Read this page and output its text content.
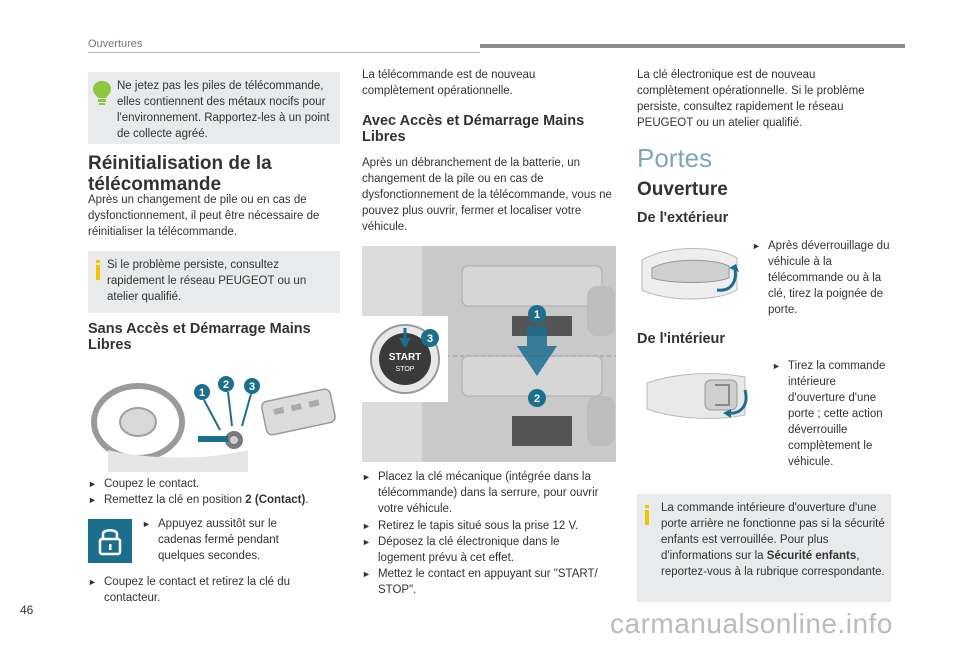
Ouvertures
Ne jetez pas les piles de télécommande, elles contiennent des métaux nocifs pour l'environnement. Rapportez-les à un point de collecte agréé.
Réinitialisation de la
télécommande

Après un changement de pile ou en cas de dysfonctionnement, il peut être nécessaire de réinitialiser la télécommande.

Si le problème persiste, consultez rapidement le réseau PEUGEOT ou un atelier qualifié.
Sans Accès et Démarrage Mains
Libres
1
2 3
► Coupez le contact.
► Remettez la clé en position 2 (Contact).
► Appuyez aussitôt sur le cadenas fermé pendant quelques secondes.
► Coupez le contact et retirez la clé du contacteur.

La télécommande est de nouveau complètement opérationnelle.

Avec Accès et Démarrage Mains
Libres

Après un débranchement de la batterie, un changement de la pile ou en cas de dysfonctionnement de la télécommande, vous ne pouvez plus ouvrir, fermer et localiser votre véhicule.

START
STOP
1
2
3
► Placez la clé mécanique (intégrée dans la télécommande) dans la serrure, pour ouvrir votre véhicule.
► Retirez le tapis situé sous la prise 12 V.
► Déposez la clé électronique dans le logement prévu à cet effet.
► Mettez le contact en appuyant sur "START/ STOP".

La clé électronique est de nouveau complètement opérationnelle. Si le problème persiste, consultez rapidement le réseau PEUGEOT ou un atelier qualifié.

Portes
Ouverture
De l'extérieur
► Après déverrouillage du véhicule à la télécommande ou à la clé, tirez la poignée de porte.
De l'intérieur
► Tirez la commande intérieure d'ouverture d'une porte ; cette action déverrouille complètement le véhicule.
La commande intérieure d'ouverture d'une porte arrière ne fonctionne pas si la sécurité enfants est verrouillée. Pour plus d'informations sur la Sécurité enfants, reportez-vous à la rubrique correspondante.
46	carmanualsonline.info
